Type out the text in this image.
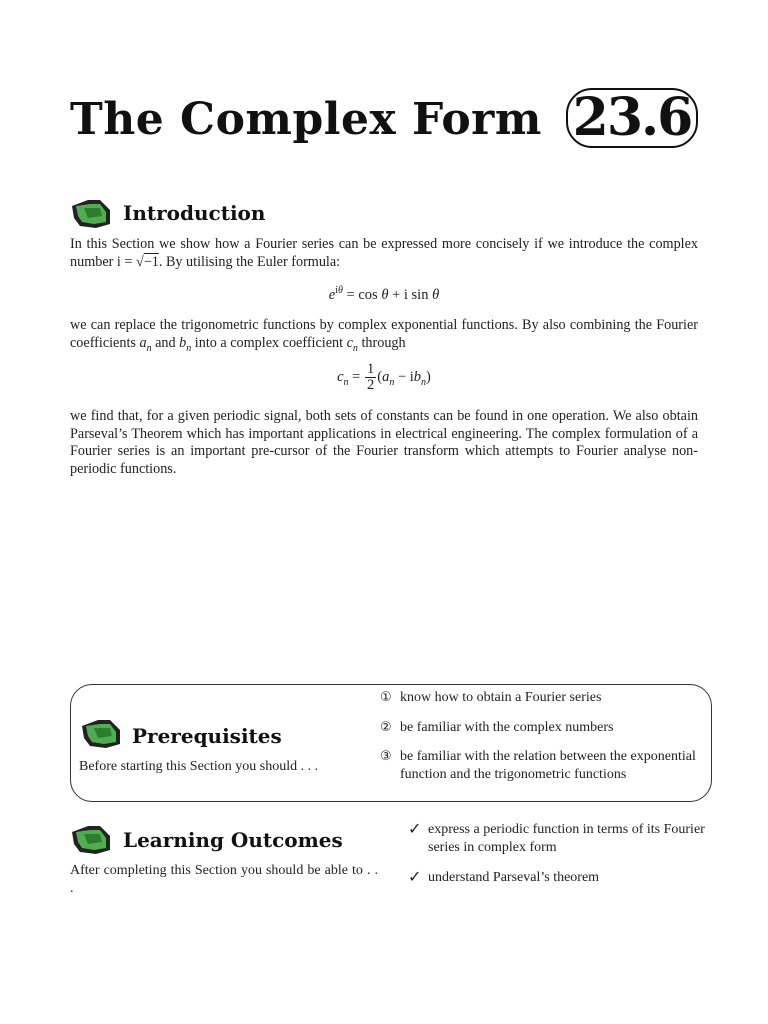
The Complex Form 23.6
Introduction
In this Section we show how a Fourier series can be expressed more concisely if we introduce the complex number i = √−1. By utilising the Euler formula:
$e^{i\theta} = \cos \theta + i$ sin θ
we can replace the trigonometric functions by complex exponential functions. By also combining the Fourier coefficients $a_n$ and $b_n$ into a complex coefficient $c_n$ through
$c_n = \frac{1}{2} (a_n - ib_n)$
we find that, for a given periodic signal, both sets of constants can be found in one operation. We also obtain Parseval’s Theorem which has important applications in electrical engineering. The complex formulation of a Fourier series is an important pre-cursor of the Fourier transform which attempts to Fourier analyse non-periodic functions.
Prerequisites
Before starting this Section you should . . .
① know how to obtain a Fourier series
② be familiar with the complex numbers
③ be familiar with the relation between the exponential function and the trigonometric functions
Learning Outcomes
After completing this Section you should be able to . . .
✓ express a periodic function in terms of its Fourier series in complex form
✓ understand Parseval’s theorem
